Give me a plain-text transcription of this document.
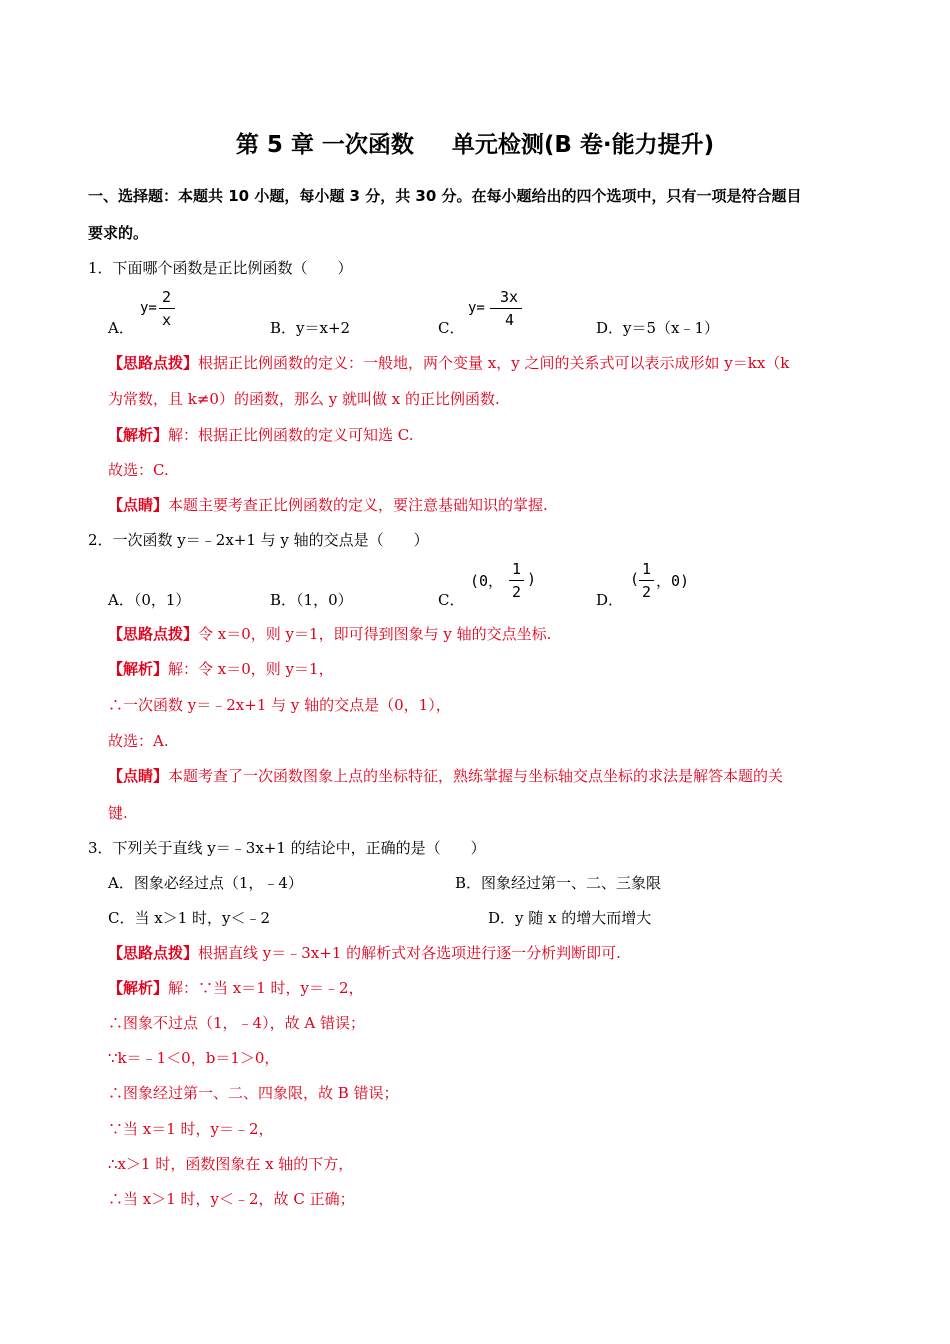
第 5 章 一次函数 单元检测(B 卷·能力提升)
一、选择题：本题共 10 小题，每小题 3 分，共 30 分。在每小题给出的四个选项中，只有一项是符合题目
要求的。
1．下面哪个函数是正比例函数（　　）
A．
y=
2
x	B．y＝x+2	C．
y=
3x
4	D．y＝5（x﹣1）
【思路点拨】根据正比例函数的定义：一般地，两个变量 x，y 之间的关系式可以表示成形如 y＝kx（k
为常数，且 k≠0）的函数，那么 y 就叫做 x 的正比例函数.
【解析】解：根据正比例函数的定义可知选 C.
故选：C.
【点睛】本题主要考查正比例函数的定义，要注意基础知识的掌握.
2．一次函数 y＝﹣2x+1 与 y 轴的交点是（　　）
A．（0，1）	B．（1，0）	C．
(0，
1
2
)
D．
(
1
2
，0)
【思路点拨】令 x＝0，则 y＝1，即可得到图象与 y 轴的交点坐标.
【解析】解：令 x＝0，则 y＝1，
∴一次函数 y＝﹣2x+1 与 y 轴的交点是（0，1），
故选：A.
【点睛】本题考查了一次函数图象上点的坐标特征，熟练掌握与坐标轴交点坐标的求法是解答本题的关
键.
3．下列关于直线 y＝﹣3x+1 的结论中，正确的是（　　）
A．图象必经过点（1，﹣4）	B．图象经过第一、二、三象限
C．当 x＞1 时，y＜﹣2	D．y 随 x 的增大而增大
【思路点拨】根据直线 y＝﹣3x+1 的解析式对各选项进行逐一分析判断即可.
【解析】解：∵当 x＝1 时，y＝﹣2，
∴图象不过点（1，﹣4），故 A 错误；
∵k＝﹣1＜0，b＝1＞0，
∴图象经过第一、二、四象限，故 B 错误；
∵当 x＝1 时，y＝﹣2，
∴x＞1 时，函数图象在 x 轴的下方，
∴当 x＞1 时，y＜﹣2，故 C 正确；
